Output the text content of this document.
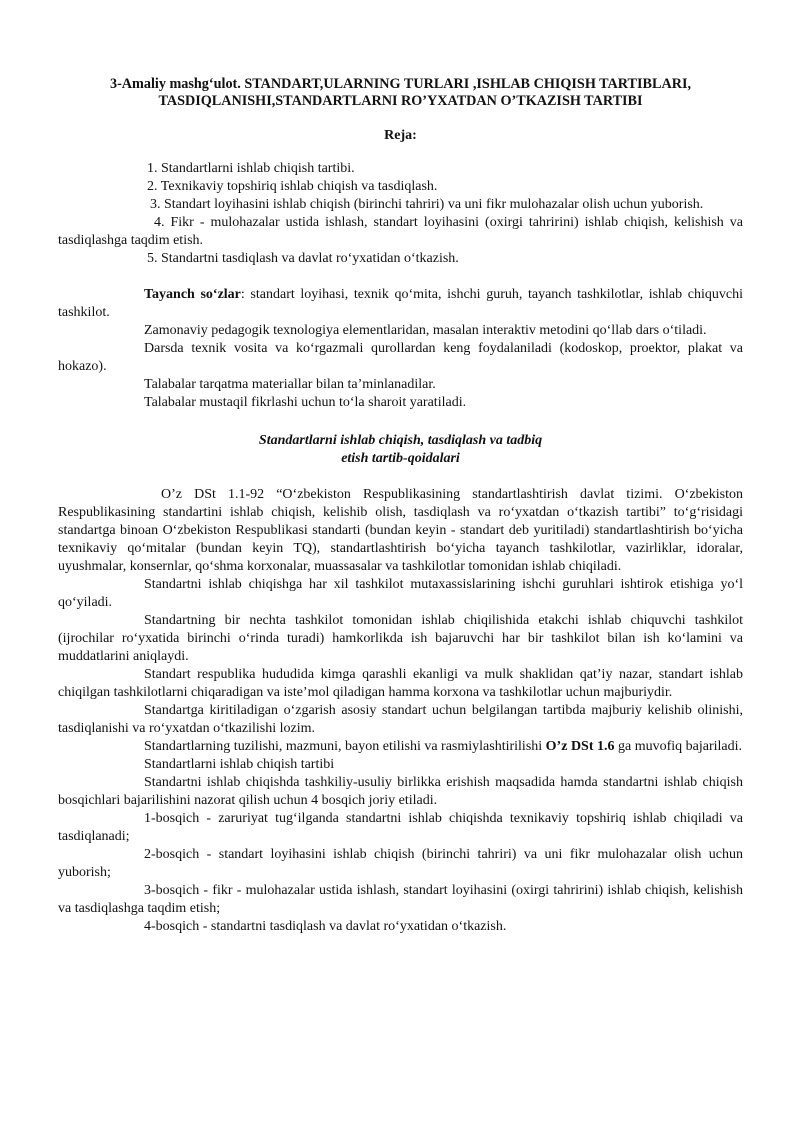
3-Amaliy mashg‘ulot. STANDART,ULARNING TURLARI ,ISHLAB CHIQISH TARTIBLARI, TASDIQLANISHI,STANDARTLARNI RO’YXATDAN O’TKAZISH TARTIBI
Reja:

1. Standartlarni ishlab chiqish tartibi.

2. Texnikaviy topshiriq ishlab chiqish va tasdiqlash.

3. Standart loyihasini ishlab chiqish (birinchi tahriri) va uni fikr mulohazalar olish uchun yuborish.

4. Fikr - mulohazalar ustida ishlash, standart loyihasini (oxirgi tahririni) ishlab chiqish, kelishish va tasdiqlashga taqdim etish.

5. Standartni tasdiqlash va davlat ro‘yxatidan o‘tkazish.

Tayanch so‘zlar: standart loyihasi, texnik qo‘mita, ishchi guruh, tayanch tashkilotlar, ishlab chiquvchi tashkilot.

Zamonaviy pedagogik texnologiya elementlaridan, masalan interaktiv metodini qo‘llab dars o‘tiladi.

Darsda texnik vosita va ko‘rgazmali qurollardan keng foydalaniladi (kodoskop, proektor, plakat va hokazo).

Talabalar tarqatma materiallar bilan ta’minlanadilar.

Talabalar mustaqil fikrlashi uchun to‘la sharoit yaratiladi.

Standartlarni ishlab chiqish, tasdiqlash va tadbiq
etish tartib-qoidalari

O’z DSt 1.1-92 “O‘zbekiston Respublikasining standartlashtirish davlat tizimi. O‘zbekiston Respublikasining standartini ishlab chiqish, kelishib olish, tasdiqlash va ro‘yxatdan o‘tkazish tartibi” to‘g‘risidagi standartga binoan O‘zbekiston Respublikasi standarti (bundan keyin - standart deb yuritiladi) standartlashtirish bo‘yicha texnikaviy qo‘mitalar (bundan keyin TQ), standartlashtirish bo‘yicha tayanch tashkilotlar, vazirliklar, idoralar, uyushmalar, konsernlar, qo‘shma korxonalar, muassasalar va tashkilotlar tomonidan ishlab chiqiladi.

Standartni ishlab chiqishga har xil tashkilot mutaxassislarining ishchi guruhlari ishtirok etishiga yo‘l qo‘yiladi.

Standartning bir nechta tashkilot tomonidan ishlab chiqilishida etakchi ishlab chiquvchi tashkilot (ijrochilar ro‘yxatida birinchi o‘rinda turadi) hamkorlikda ish bajaruvchi har bir tashkilot bilan ish ko‘lamini va muddatlarini aniqlaydi.

Standart respublika hududida kimga qarashli ekanligi va mulk shaklidan qat’iy nazar, standart ishlab chiqilgan tashkilotlarni chiqaradigan va iste’mol qiladigan hamma korxona va tashkilotlar uchun majburiydir.

Standartga kiritiladigan o‘zgarish asosiy standart uchun belgilangan tartibda majburiy kelishib olinishi, tasdiqlanishi va ro‘yxatdan o‘tkazilishi lozim.

Standartlarning tuzilishi, mazmuni, bayon etilishi va rasmiylashtirilishi O’z DSt 1.6 ga muvofiq bajariladi.

Standartlarni ishlab chiqish tartibi

Standartni ishlab chiqishda tashkiliy-usuliy birlikka erishish maqsadida hamda standartni ishlab chiqish bosqichlari bajarilishini nazorat qilish uchun 4 bosqich joriy etiladi.

1-bosqich - zaruriyat tug‘ilganda standartni ishlab chiqishda texnikaviy topshiriq ishlab chiqiladi va tasdiqlanadi;

2-bosqich - standart loyihasini ishlab chiqish (birinchi tahriri) va uni fikr mulohazalar olish uchun yuborish;

3-bosqich - fikr - mulohazalar ustida ishlash, standart loyihasini (oxirgi tahririni) ishlab chiqish, kelishish va tasdiqlashga taqdim etish;

4-bosqich - standartni tasdiqlash va davlat ro‘yxatidan o‘tkazish.
